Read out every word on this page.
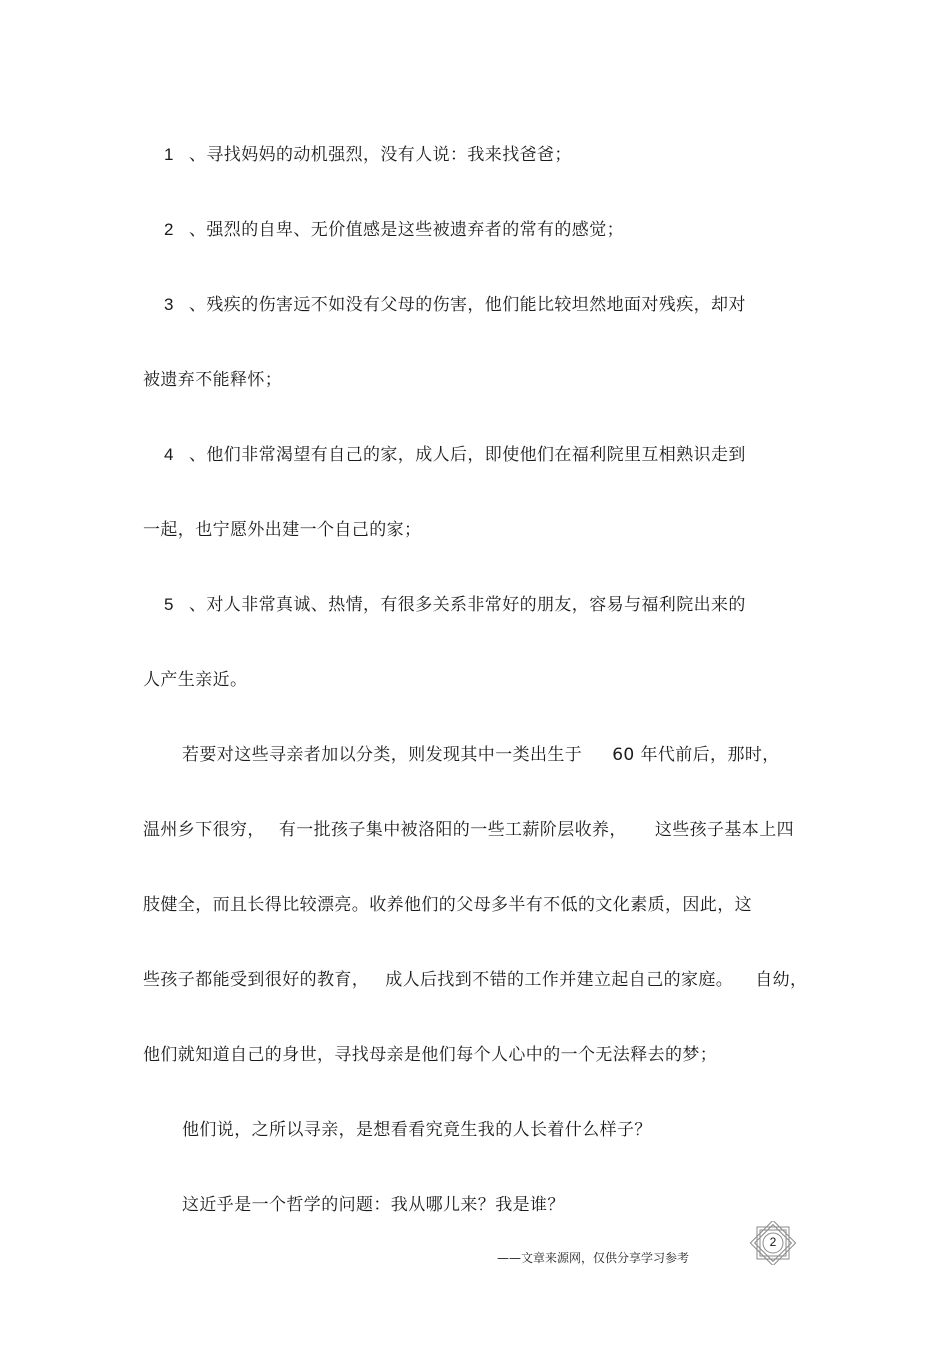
1 、寻找妈妈的动机强烈，没有人说：我来找爸爸；
2 、强烈的自卑、无价值感是这些被遗弃者的常有的感觉；
3 、残疾的伤害远不如没有父母的伤害，他们能比较坦然地面对残疾，却对
被遗弃不能释怀；
4 、他们非常渴望有自己的家，成人后，即使他们在福利院里互相熟识走到
一起，也宁愿外出建一个自己的家；
5 、对人非常真诚、热情，有很多关系非常好的朋友，容易与福利院出来的
人产生亲近。
若要对这些寻亲者加以分类，则发现其中一类出生于 60 年代前后，那时，
温州乡下很穷， 有一批孩子集中被洛阳的一些工薪阶层收养， 这些孩子基本上四
肢健全，而且长得比较漂亮。收养他们的父母多半有不低的文化素质，因此，这
些孩子都能受到很好的教育， 成人后找到不错的工作并建立起自己的家庭。 自幼，
他们就知道自己的身世，寻找母亲是他们每个人心中的一个无法释去的梦；
他们说，之所以寻亲，是想看看究竟生我的人长着什么样子？
这近乎是一个哲学的问题：我从哪儿来？我是谁？
——文章来源网，仅供分享学习参考
2
